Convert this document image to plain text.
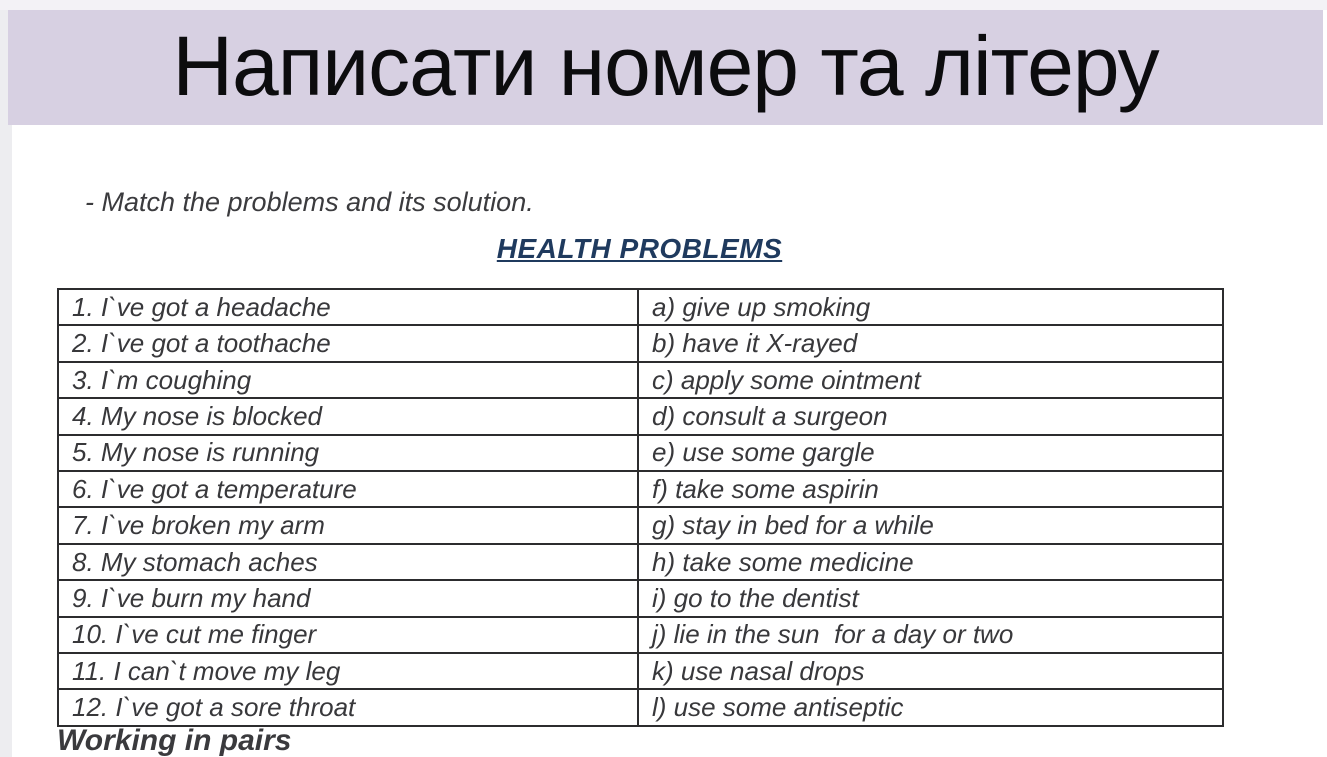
Написати номер та літеру
- Match the problems and its solution.
HEALTH PROBLEMS
1. I`ve got a headache	a) give up smoking
2. I`ve got a toothache	b) have it X-rayed
3. I`m coughing	c) apply some ointment
4. My nose is blocked	d) consult a surgeon
5. My nose is running	e) use some gargle
6. I`ve got a temperature	f) take some aspirin
7. I`ve broken my arm	g) stay in bed for a while
8. My stomach aches	h) take some medicine
9. I`ve burn my hand	i) go to the dentist
10. I`ve cut me finger	j) lie in the sun  for a day or two
11. I can`t move my leg	k) use nasal drops
12. I`ve got a sore throat	l) use some antiseptic
Working in pairs
